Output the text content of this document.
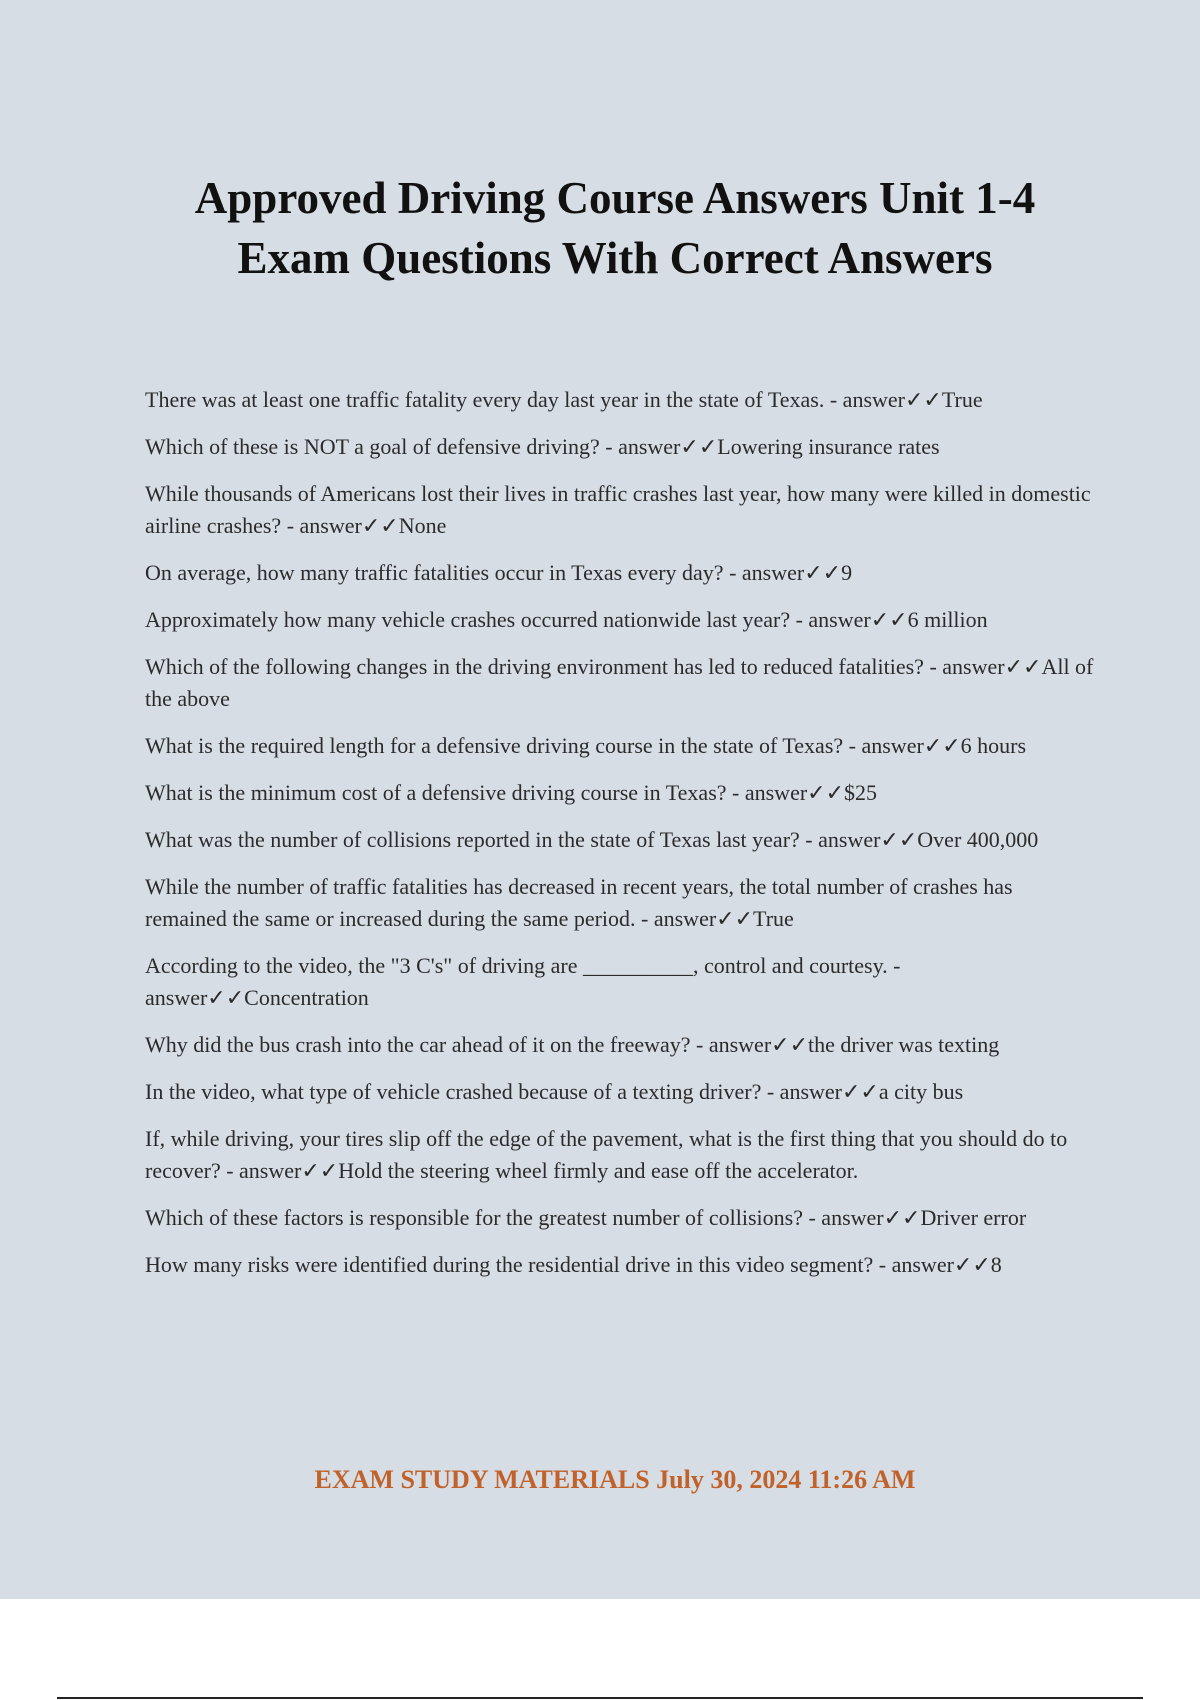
Approved Driving Course Answers Unit 1-4
Exam Questions With Correct Answers
There was at least one traffic fatality every day last year in the state of Texas. - answer✓✓True
Which of these is NOT a goal of defensive driving? - answer✓✓Lowering insurance rates
While thousands of Americans lost their lives in traffic crashes last year, how many were killed in domestic airline crashes? - answer✓✓None
On average, how many traffic fatalities occur in Texas every day? - answer✓✓9
Approximately how many vehicle crashes occurred nationwide last year? - answer✓✓6 million
Which of the following changes in the driving environment has led to reduced fatalities? - answer✓✓All of the above
What is the required length for a defensive driving course in the state of Texas? - answer✓✓6 hours
What is the minimum cost of a defensive driving course in Texas? - answer✓✓$25
What was the number of collisions reported in the state of Texas last year? - answer✓✓Over 400,000
While the number of traffic fatalities has decreased in recent years, the total number of crashes has remained the same or increased during the same period. - answer✓✓True
According to the video, the "3 C's" of driving are __________, control and courtesy. - answer✓✓Concentration
Why did the bus crash into the car ahead of it on the freeway? - answer✓✓the driver was texting
In the video, what type of vehicle crashed because of a texting driver? - answer✓✓a city bus
If, while driving, your tires slip off the edge of the pavement, what is the first thing that you should do to recover? - answer✓✓Hold the steering wheel firmly and ease off the accelerator.
Which of these factors is responsible for the greatest number of collisions? - answer✓✓Driver error
How many risks were identified during the residential drive in this video segment? - answer✓✓8

EXAM STUDY MATERIALS July 30, 2024 11:26 AM
